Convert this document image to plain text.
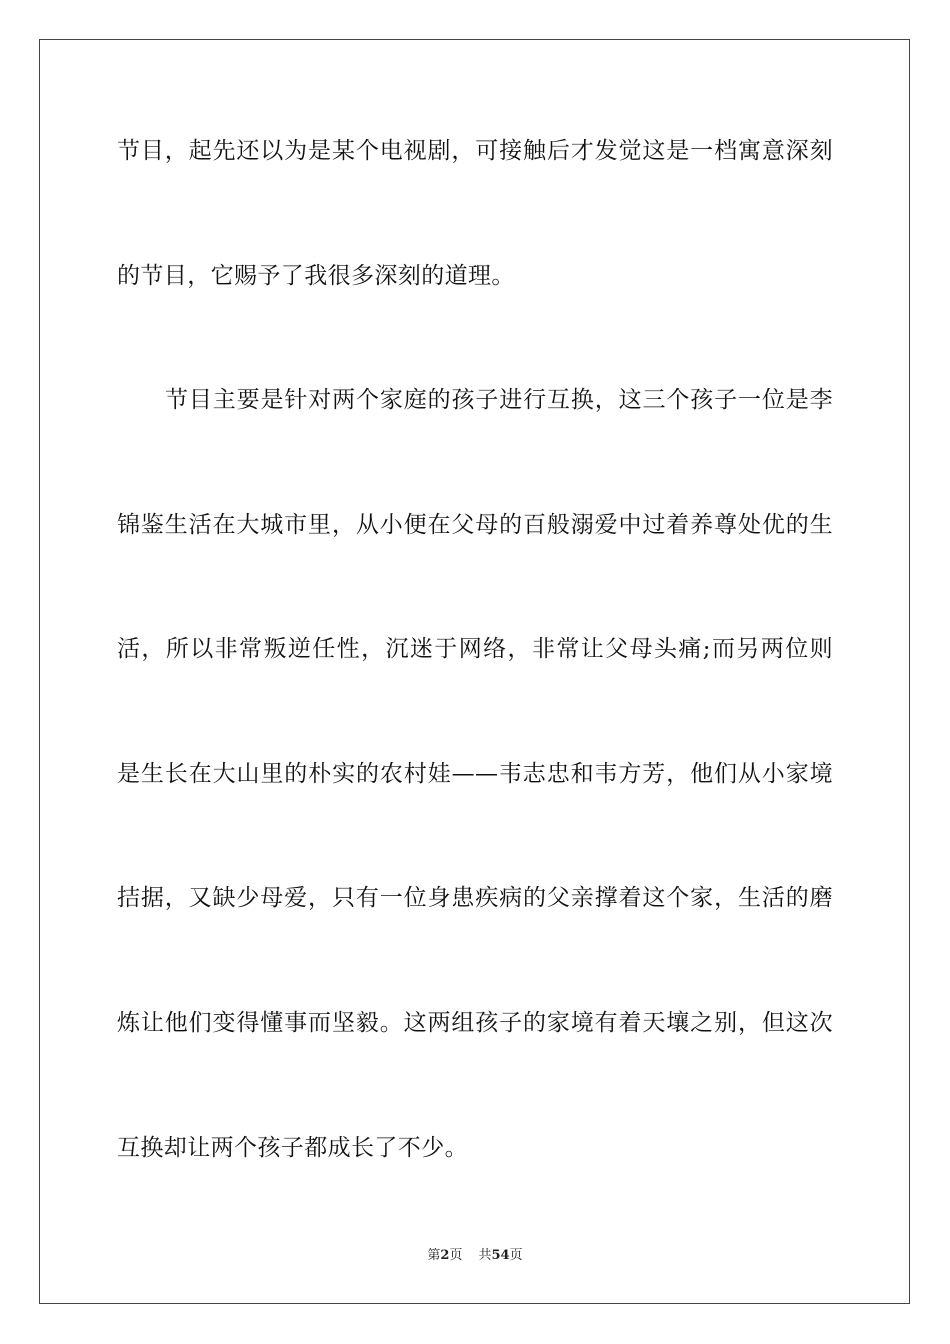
节目，起先还以为是某个电视剧，可接触后才发觉这是一档寓意深刻
的节目，它赐予了我很多深刻的道理。
节目主要是针对两个家庭的孩子进行互换，这三个孩子一位是李
锦鉴生活在大城市里，从小便在父母的百般溺爱中过着养尊处优的生
活，所以非常叛逆任性，沉迷于网络，非常让父母头痛;而另两位则
是生长在大山里的朴实的农村娃——韦志忠和韦方芳，他们从小家境
拮据，又缺少母爱，只有一位身患疾病的父亲撑着这个家，生活的磨
炼让他们变得懂事而坚毅。这两组孩子的家境有着天壤之别，但这次
互换却让两个孩子都成长了不少。
第2页 共54页
